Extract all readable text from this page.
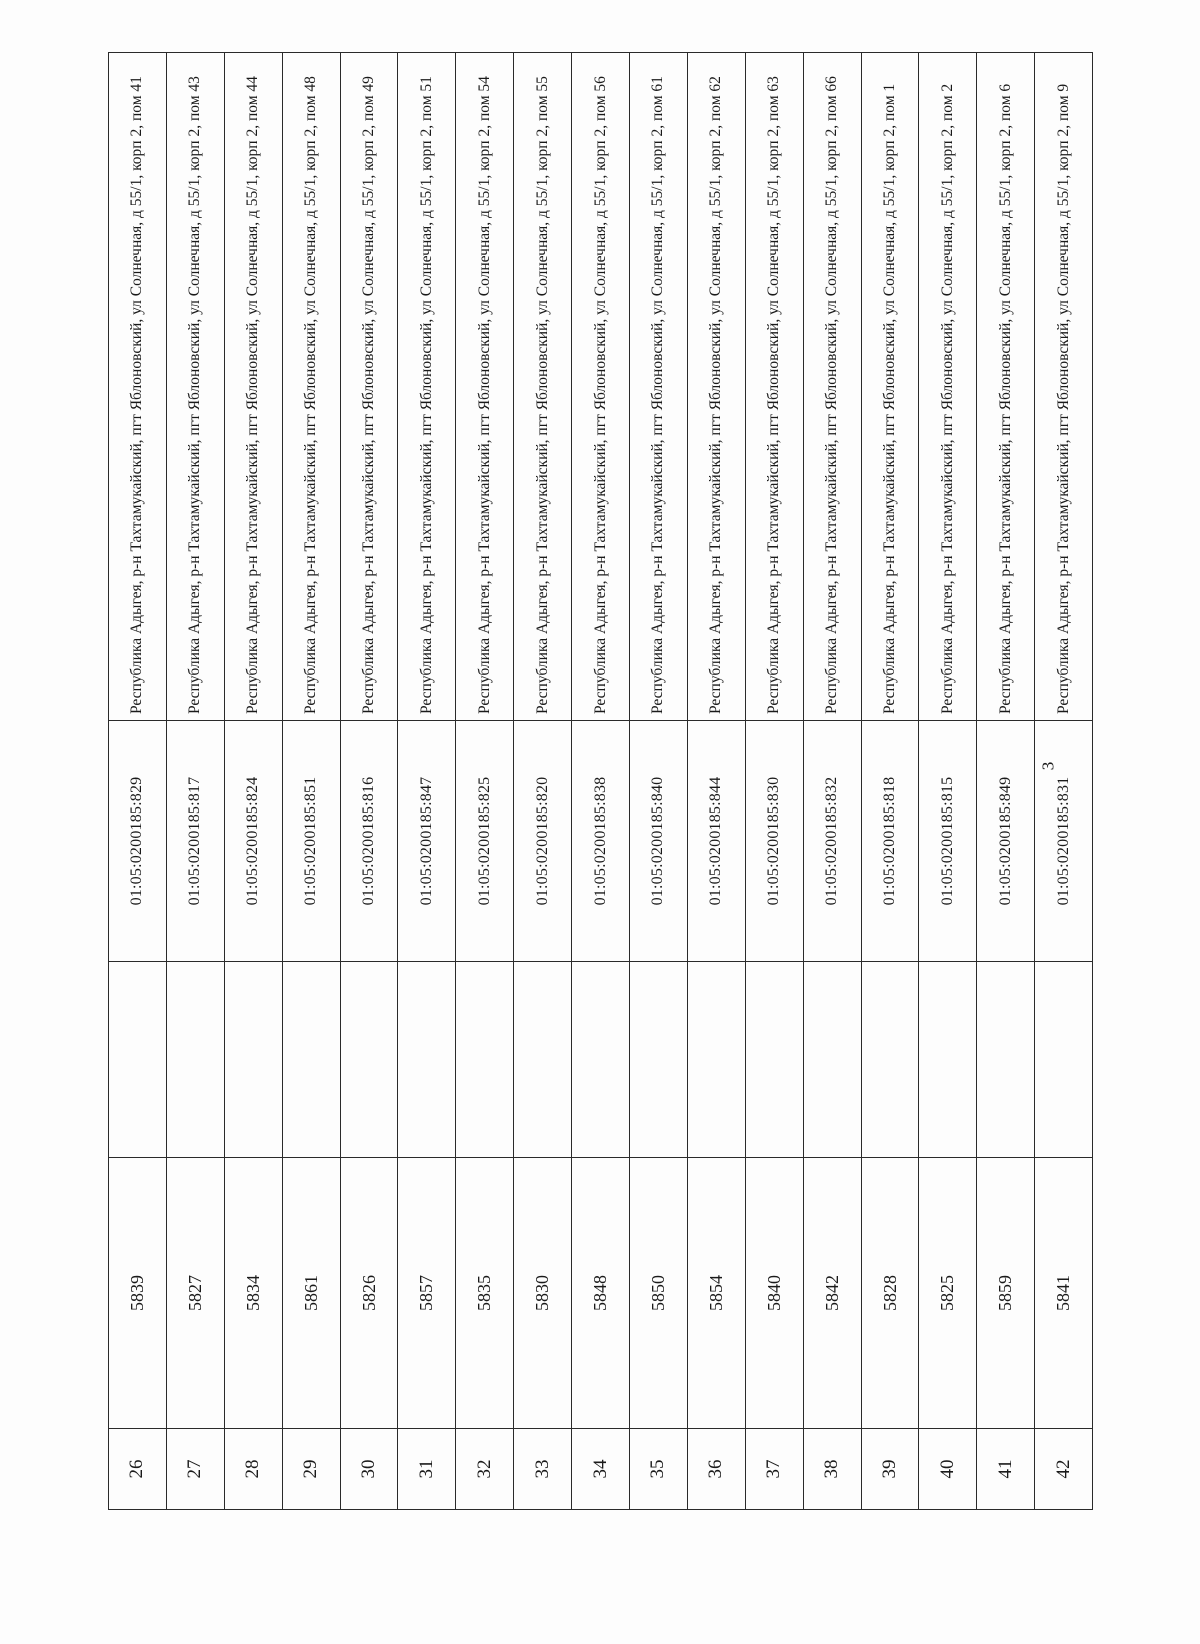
26	5839		01:05:0200185:829	Республика Адыгея, р-н Тахтамукайский, пгт Яблоновский, ул Солнечная, д 55/1, корп 2, пом 41
27	5827		01:05:0200185:817	Республика Адыгея, р-н Тахтамукайский, пгт Яблоновский, ул Солнечная, д 55/1, корп 2, пом 43
28	5834		01:05:0200185:824	Республика Адыгея, р-н Тахтамукайский, пгт Яблоновский, ул Солнечная, д 55/1, корп 2, пом 44
29	5861		01:05:0200185:851	Республика Адыгея, р-н Тахтамукайский, пгт Яблоновский, ул Солнечная, д 55/1, корп 2, пом 48
30	5826		01:05:0200185:816	Республика Адыгея, р-н Тахтамукайский, пгт Яблоновский, ул Солнечная, д 55/1, корп 2, пом 49
31	5857		01:05:0200185:847	Республика Адыгея, р-н Тахтамукайский, пгт Яблоновский, ул Солнечная, д 55/1, корп 2, пом 51
32	5835		01:05:0200185:825	Республика Адыгея, р-н Тахтамукайский, пгт Яблоновский, ул Солнечная, д 55/1, корп 2, пом 54
33	5830		01:05:0200185:820	Республика Адыгея, р-н Тахтамукайский, пгт Яблоновский, ул Солнечная, д 55/1, корп 2, пом 55
34	5848		01:05:0200185:838	Республика Адыгея, р-н Тахтамукайский, пгт Яблоновский, ул Солнечная, д 55/1, корп 2, пом 56
35	5850		01:05:0200185:840	Республика Адыгея, р-н Тахтамукайский, пгт Яблоновский, ул Солнечная, д 55/1, корп 2, пом 61
36	5854		01:05:0200185:844	Республика Адыгея, р-н Тахтамукайский, пгт Яблоновский, ул Солнечная, д 55/1, корп 2, пом 62
37	5840		01:05:0200185:830	Республика Адыгея, р-н Тахтамукайский, пгт Яблоновский, ул Солнечная, д 55/1, корп 2, пом 63
38	5842		01:05:0200185:832	Республика Адыгея, р-н Тахтамукайский, пгт Яблоновский, ул Солнечная, д 55/1, корп 2, пом 66
39	5828		01:05:0200185:818	Республика Адыгея, р-н Тахтамукайский, пгт Яблоновский, ул Солнечная, д 55/1, корп 2, пом 1
40	5825		01:05:0200185:815	Республика Адыгея, р-н Тахтамукайский, пгт Яблоновский, ул Солнечная, д 55/1, корп 2, пом 2
41	5859		01:05:0200185:849	Республика Адыгея, р-н Тахтамукайский, пгт Яблоновский, ул Солнечная, д 55/1, корп 2, пом 6
42	5841		01:05:0200185:831	Республика Адыгея, р-н Тахтамукайский, пгт Яблоновский, ул Солнечная, д 55/1, корп 2, пом 9
3
